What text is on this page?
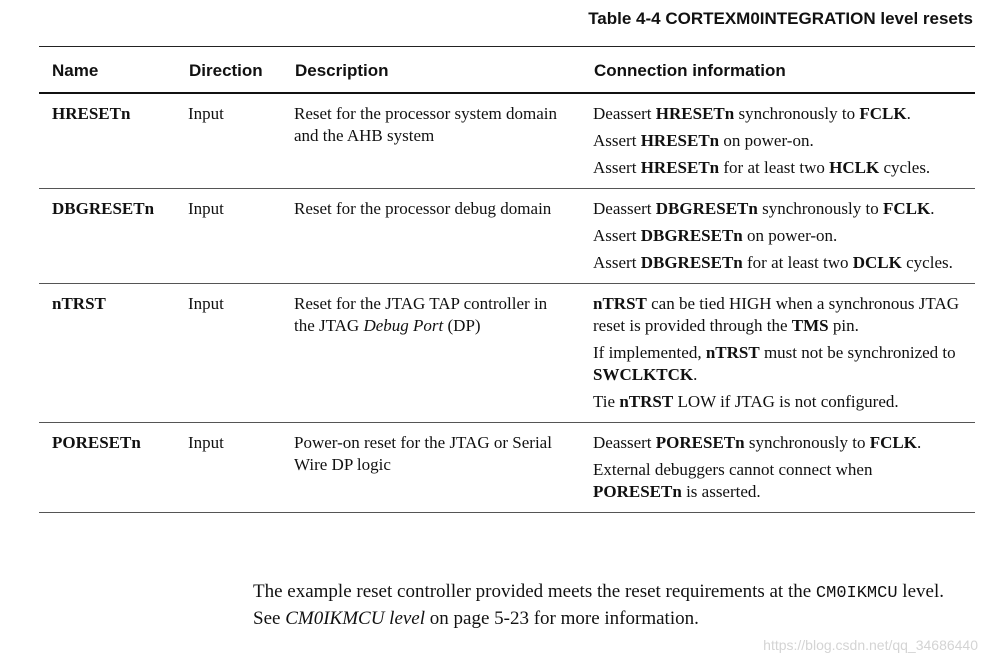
Table 4-4 CORTEXM0INTEGRATION level resets
Name	Direction	Description	Connection information
HRESETn	Input	Reset for the processor system domain and the AHB system	Deassert HRESETn synchronously to FCLK.
Assert HRESETn on power-on.
Assert HRESETn for at least two HCLK cycles.

DBGRESETn	Input	Reset for the processor debug domain	Deassert DBGRESETn synchronously to FCLK.
Assert DBGRESETn on power-on.
Assert DBGRESETn for at least two DCLK cycles.

nTRST	Input	Reset for the JTAG TAP controller in the JTAG Debug Port (DP)	nTRST can be tied HIGH when a synchronous JTAG reset is provided through the TMS pin.
If implemented, nTRST must not be synchronized to SWCLKTCK.
Tie nTRST LOW if JTAG is not configured.

PORESETn	Input	Power-on reset for the JTAG or Serial Wire DP logic	Deassert PORESETn synchronously to FCLK.
External debuggers cannot connect when PORESETn is asserted.
The example reset controller provided meets the reset requirements at the CM0IKMCU level. See CM0IKMCU level on page 5-23 for more information.
https://blog.csdn.net/qq_34686440
